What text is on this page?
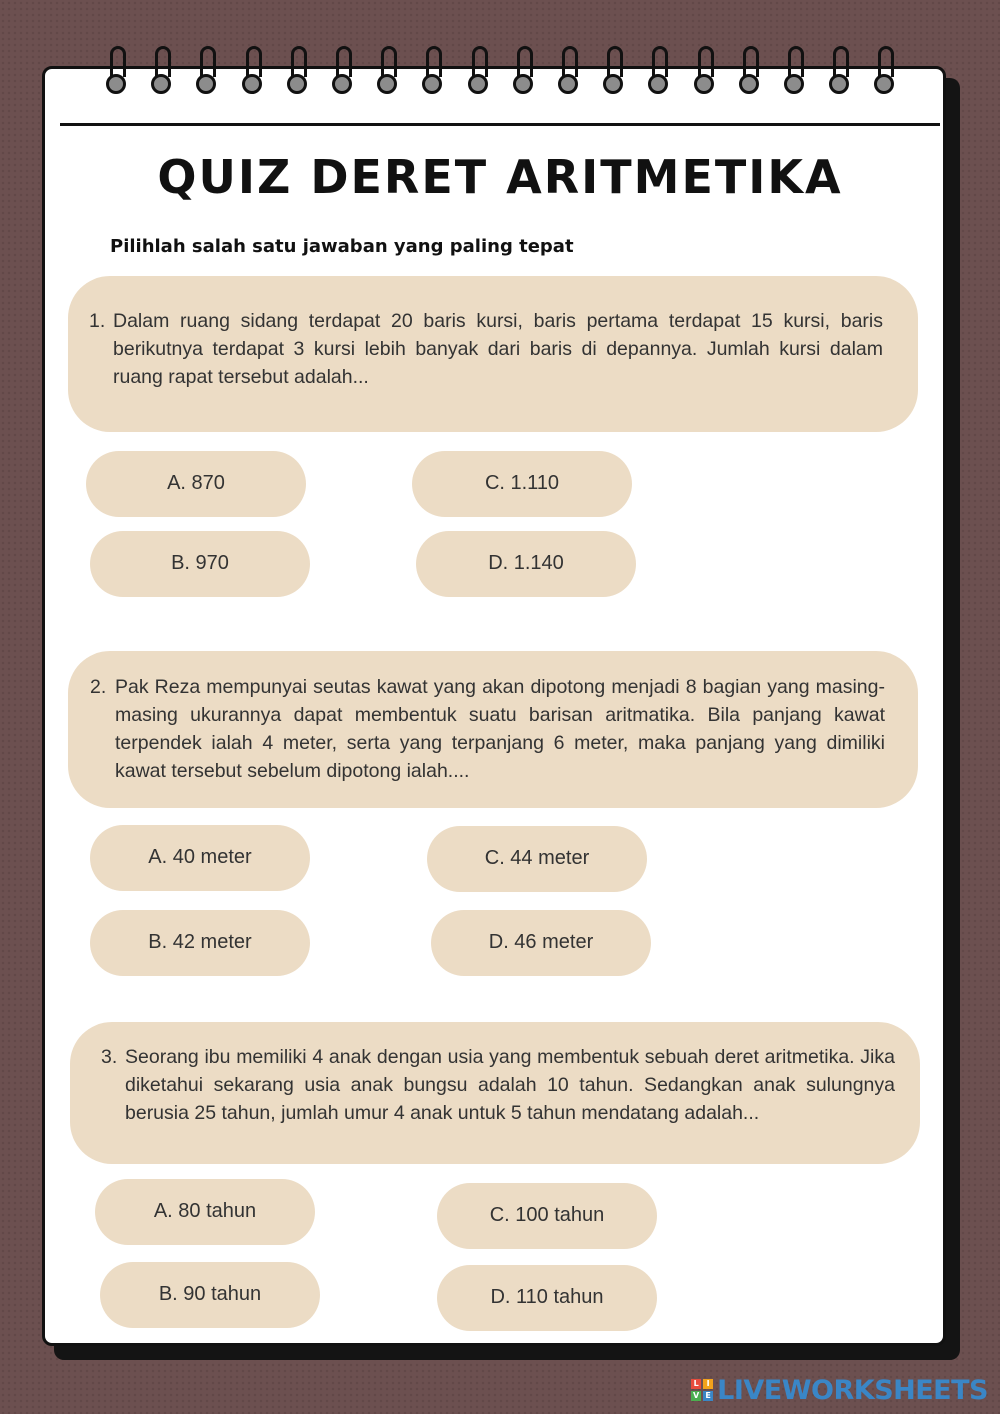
QUIZ DERET ARITMETIKA
Pilihlah salah satu jawaban yang paling tepat
1. Dalam ruang sidang terdapat 20 baris kursi, baris pertama terdapat 15 kursi, baris berikutnya terdapat 3 kursi lebih banyak dari baris di depannya. Jumlah kursi dalam ruang rapat tersebut adalah...
A. 870
B. 970
C. 1.110
D. 1.140
2. Pak Reza mempunyai seutas kawat yang akan dipotong menjadi 8 bagian yang masing-masing ukurannya dapat membentuk suatu barisan aritmatika. Bila panjang kawat terpendek ialah 4 meter, serta yang terpanjang 6 meter, maka panjang yang dimiliki kawat tersebut sebelum dipotong ialah....
A. 40 meter
B. 42 meter
C. 44 meter
D. 46 meter
3. Seorang ibu memiliki 4 anak dengan usia yang membentuk sebuah deret aritmetika. Jika diketahui sekarang usia anak bungsu adalah 10 tahun. Sedangkan anak sulungnya berusia 25 tahun, jumlah umur 4 anak untuk 5 tahun mendatang adalah...
A. 80 tahun
B. 90 tahun
C. 100 tahun
D. 110 tahun
L I
V E LIVEWORKSHEETS
